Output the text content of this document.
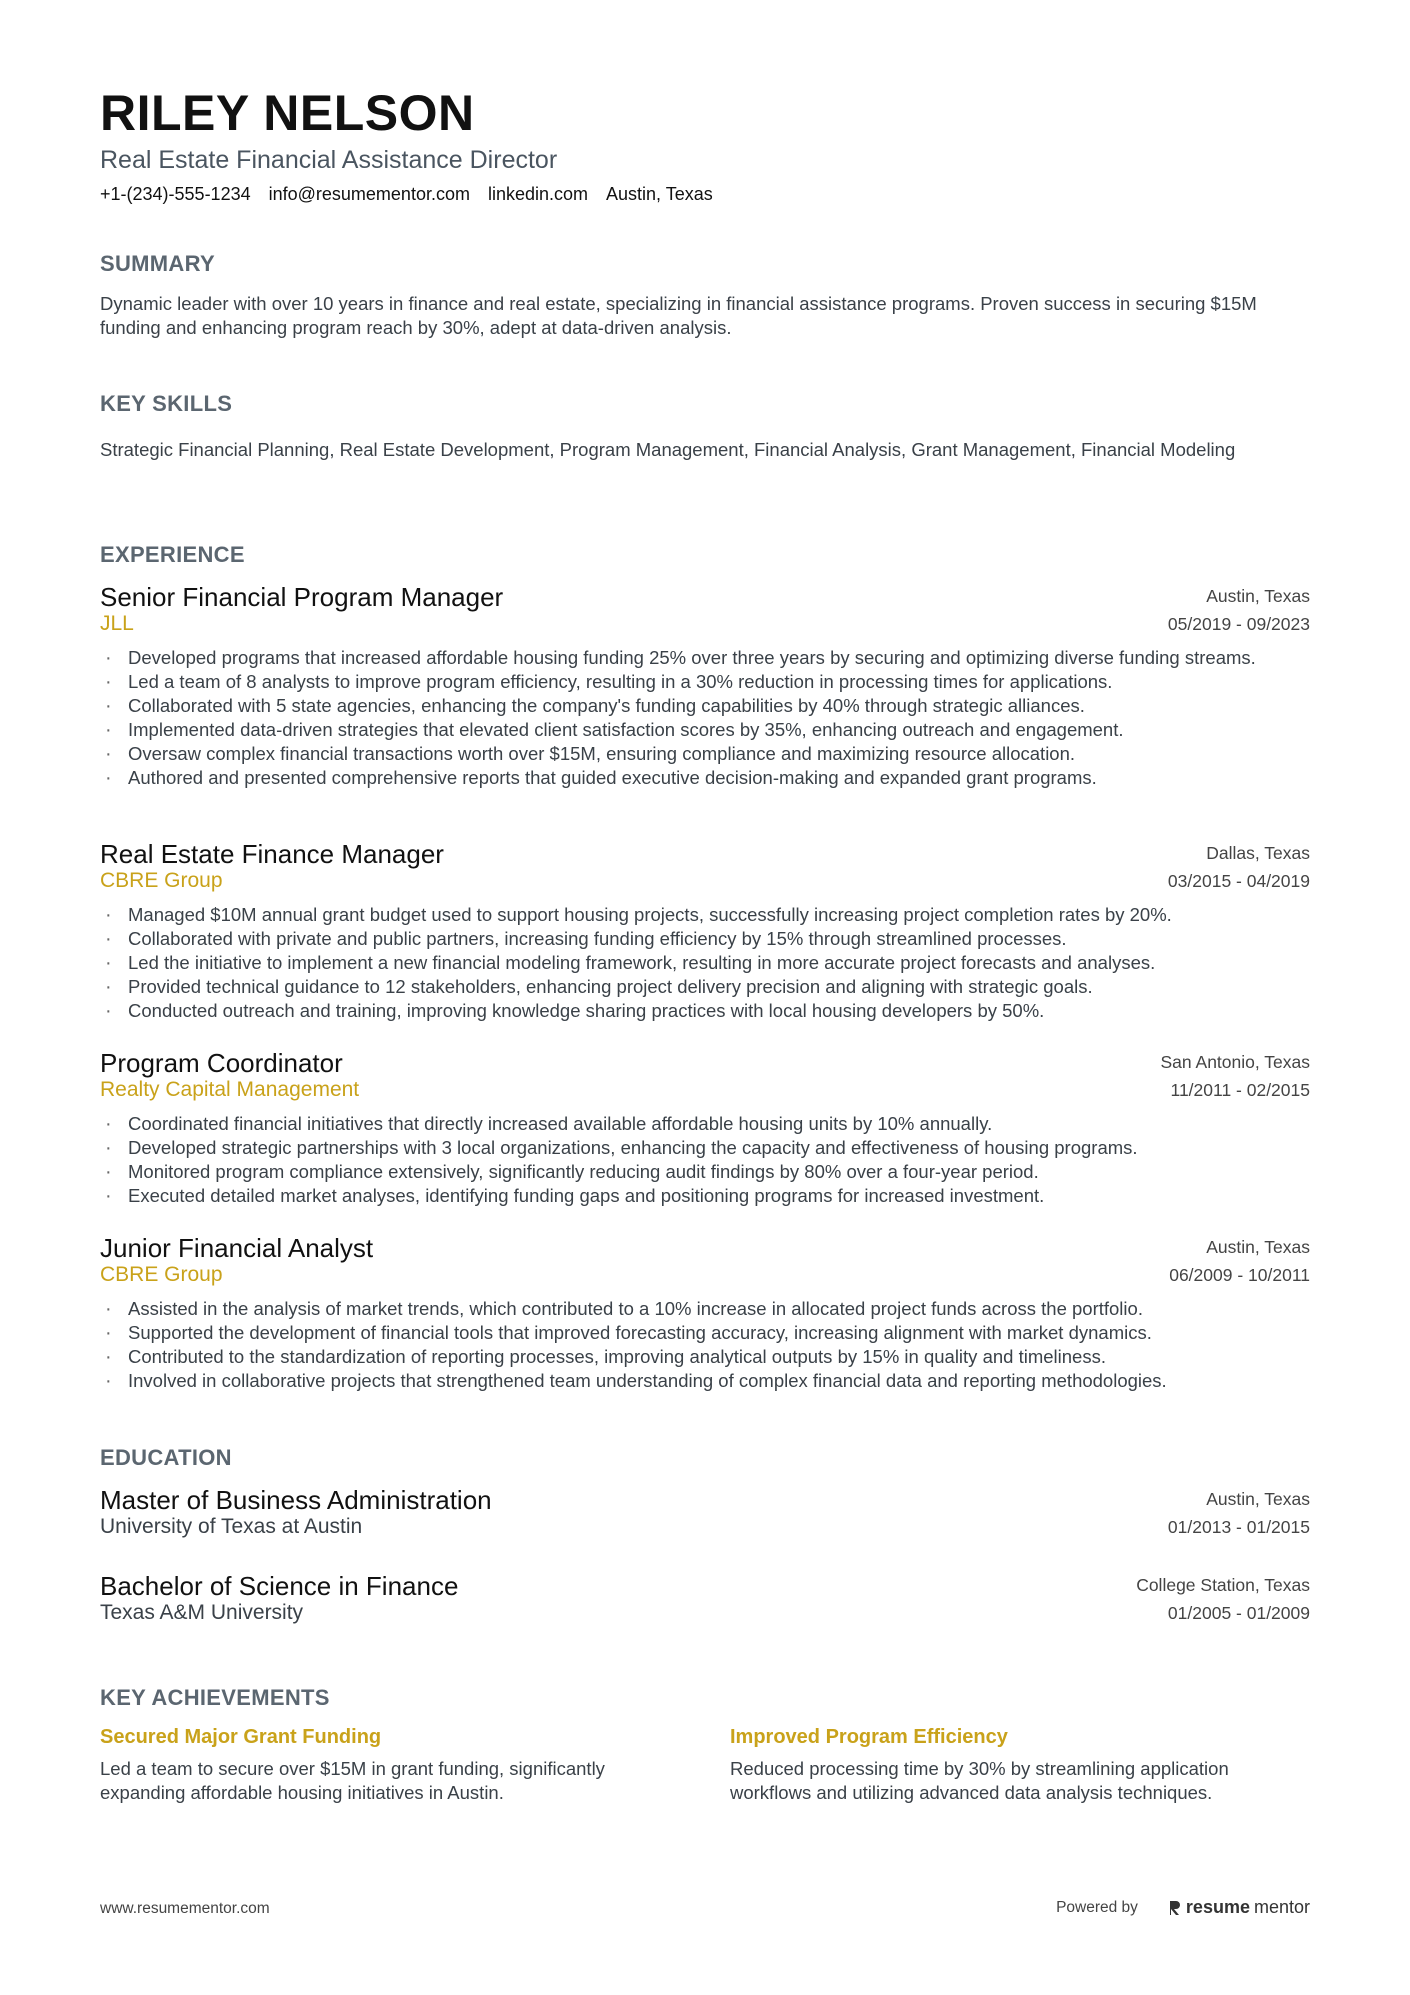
RILEY NELSON
Real Estate Financial Assistance Director
+1-(234)-555-1234 info@resumementor.com linkedin.com Austin, Texas
SUMMARY
Dynamic leader with over 10 years in finance and real estate, specializing in financial assistance programs. Proven success in securing $15M funding and enhancing program reach by 30%, adept at data-driven analysis.
KEY SKILLS
Strategic Financial Planning, Real Estate Development, Program Management, Financial Analysis, Grant Management, Financial Modeling
EXPERIENCE
Senior Financial Program Manager	Austin, Texas
JLL	05/2019 - 09/2023
· Developed programs that increased affordable housing funding 25% over three years by securing and optimizing diverse funding streams.
· Led a team of 8 analysts to improve program efficiency, resulting in a 30% reduction in processing times for applications.
· Collaborated with 5 state agencies, enhancing the company's funding capabilities by 40% through strategic alliances.
· Implemented data-driven strategies that elevated client satisfaction scores by 35%, enhancing outreach and engagement.
· Oversaw complex financial transactions worth over $15M, ensuring compliance and maximizing resource allocation.
· Authored and presented comprehensive reports that guided executive decision-making and expanded grant programs.
Real Estate Finance Manager	Dallas, Texas
CBRE Group	03/2015 - 04/2019
· Managed $10M annual grant budget used to support housing projects, successfully increasing project completion rates by 20%.
· Collaborated with private and public partners, increasing funding efficiency by 15% through streamlined processes.
· Led the initiative to implement a new financial modeling framework, resulting in more accurate project forecasts and analyses.
· Provided technical guidance to 12 stakeholders, enhancing project delivery precision and aligning with strategic goals.
· Conducted outreach and training, improving knowledge sharing practices with local housing developers by 50%.
Program Coordinator	San Antonio, Texas
Realty Capital Management	11/2011 - 02/2015
· Coordinated financial initiatives that directly increased available affordable housing units by 10% annually.
· Developed strategic partnerships with 3 local organizations, enhancing the capacity and effectiveness of housing programs.
· Monitored program compliance extensively, significantly reducing audit findings by 80% over a four-year period.
· Executed detailed market analyses, identifying funding gaps and positioning programs for increased investment.
Junior Financial Analyst	Austin, Texas
CBRE Group	06/2009 - 10/2011
· Assisted in the analysis of market trends, which contributed to a 10% increase in allocated project funds across the portfolio.
· Supported the development of financial tools that improved forecasting accuracy, increasing alignment with market dynamics.
· Contributed to the standardization of reporting processes, improving analytical outputs by 15% in quality and timeliness.
· Involved in collaborative projects that strengthened team understanding of complex financial data and reporting methodologies.
EDUCATION
Master of Business Administration	Austin, Texas
University of Texas at Austin	01/2013 - 01/2015
Bachelor of Science in Finance	College Station, Texas
Texas A&M University	01/2005 - 01/2009
KEY ACHIEVEMENTS
Secured Major Grant Funding
Led a team to secure over $15M in grant funding, significantly expanding affordable housing initiatives in Austin.
Improved Program Efficiency
Reduced processing time by 30% by streamlining application workflows and utilizing advanced data analysis techniques.
www.resumementor.com	Powered by	resume mentor
